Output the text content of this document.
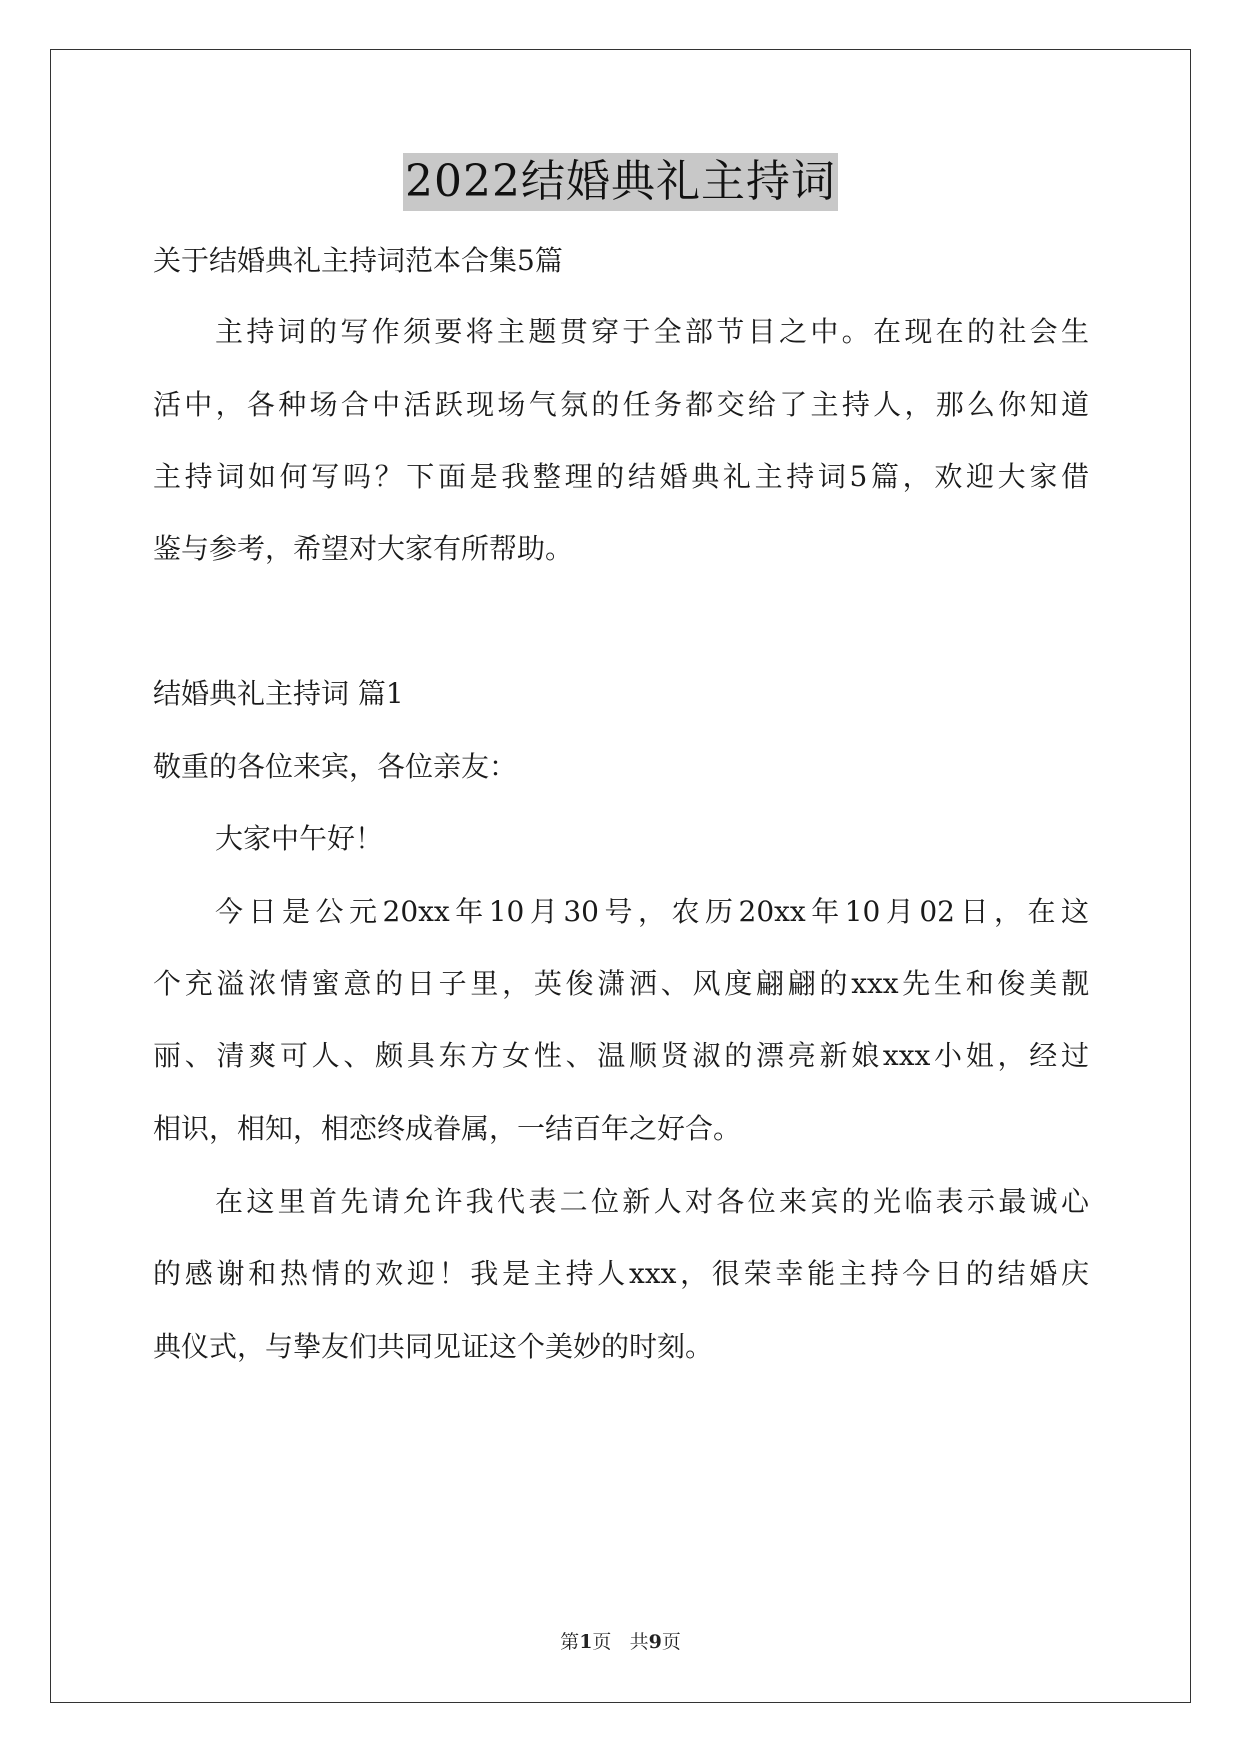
2022结婚典礼主持词
关于结婚典礼主持词范本合集5篇
主持词的写作须要将主题贯穿于全部节目之中。在现在的社会生
活中，各种场合中活跃现场气氛的任务都交给了主持人，那么你知道
主持词如何写吗？下面是我整理的结婚典礼主持词5篇，欢迎大家借
鉴与参考，希望对大家有所帮助。
结婚典礼主持词 篇1
敬重的各位来宾，各位亲友：
大家中午好！
今日是公元20xx年10月30号，农历20xx年10月02日，在这
个充溢浓情蜜意的日子里，英俊潇洒、风度翩翩的xxx先生和俊美靓
丽、清爽可人、颇具东方女性、温顺贤淑的漂亮新娘xxx小姐，经过
相识，相知，相恋终成眷属，一结百年之好合。
在这里首先请允许我代表二位新人对各位来宾的光临表示最诚心
的感谢和热情的欢迎！我是主持人xxx，很荣幸能主持今日的结婚庆
典仪式，与挚友们共同见证这个美妙的时刻。
第1页 共9页
